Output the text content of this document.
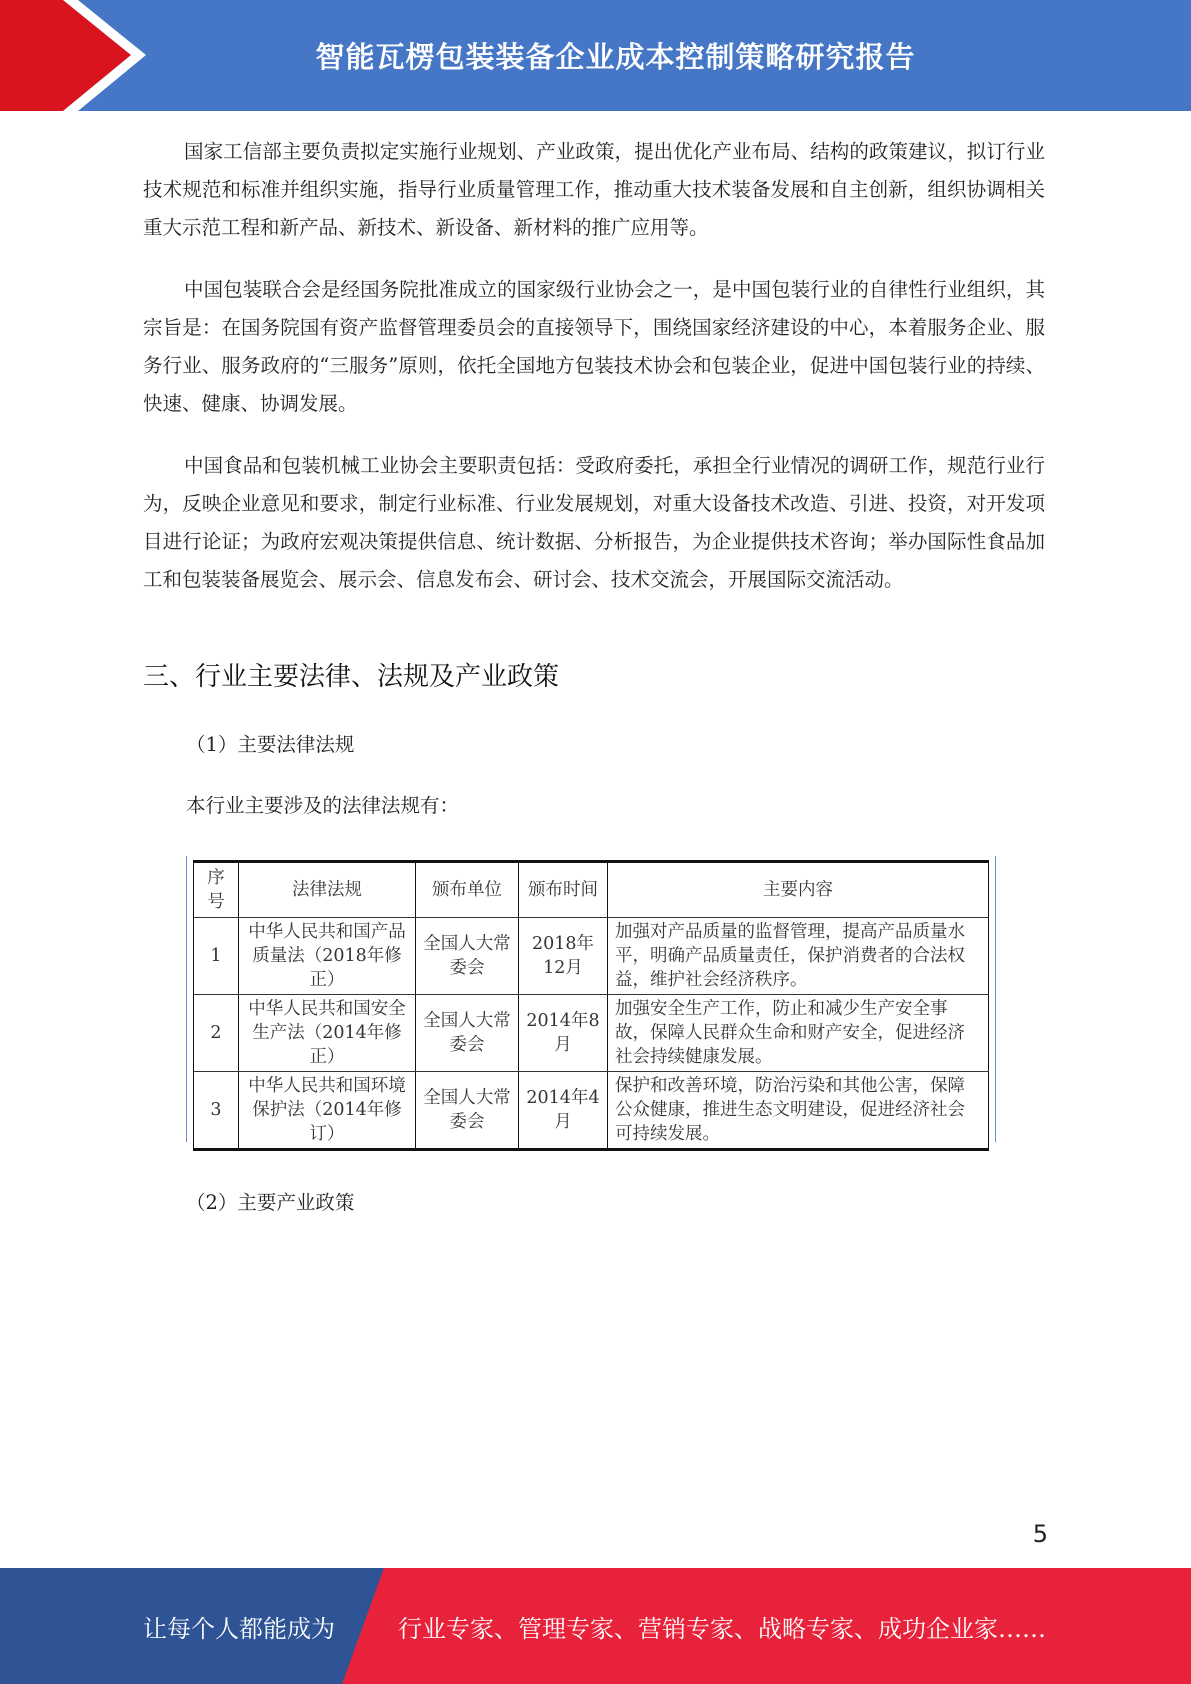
智能瓦楞包装装备企业成本控制策略研究报告

国家工信部主要负责拟定实施行业规划、产业政策，提出优化产业布局、结构的政策建议，拟订行业技术规范和标准并组织实施，指导行业质量管理工作，推动重大技术装备发展和自主创新，组织协调相关重大示范工程和新产品、新技术、新设备、新材料的推广应用等。

中国包装联合会是经国务院批准成立的国家级行业协会之一，是中国包装行业的自律性行业组织，其宗旨是：在国务院国有资产监督管理委员会的直接领导下，围绕国家经济建设的中心，本着服务企业、服务行业、服务政府的“三服务”原则，依托全国地方包装技术协会和包装企业，促进中国包装行业的持续、快速、健康、协调发展。

中国食品和包装机械工业协会主要职责包括：受政府委托，承担全行业情况的调研工作，规范行业行为，反映企业意见和要求，制定行业标准、行业发展规划，对重大设备技术改造、引进、投资，对开发项目进行论证；为政府宏观决策提供信息、统计数据、分析报告，为企业提供技术咨询；举办国际性食品加工和包装装备展览会、展示会、信息发布会、研讨会、技术交流会，开展国际交流活动。

三、行业主要法律、法规及产业政策

（1）主要法律法规

本行业主要涉及的法律法规有：

序号	法律法规	颁布单位	颁布时间	主要内容
1	中华人民共和国产品质量法（2018年修正）	全国人大常委会	2018年12月	加强对产品质量的监督管理，提高产品质量水平，明确产品质量责任，保护消费者的合法权益，维护社会经济秩序。
2	中华人民共和国安全生产法（2014年修正）	全国人大常委会	2014年8月	加强安全生产工作，防止和减少生产安全事故，保障人民群众生命和财产安全，促进经济社会持续健康发展。
3	中华人民共和国环境保护法（2014年修订）	全国人大常委会	2014年4月	保护和改善环境，防治污染和其他公害，保障公众健康，推进生态文明建设，促进经济社会可持续发展。

（2）主要产业政策

5
让每个人都能成为	行业专家、管理专家、营销专家、战略专家、成功企业家……
